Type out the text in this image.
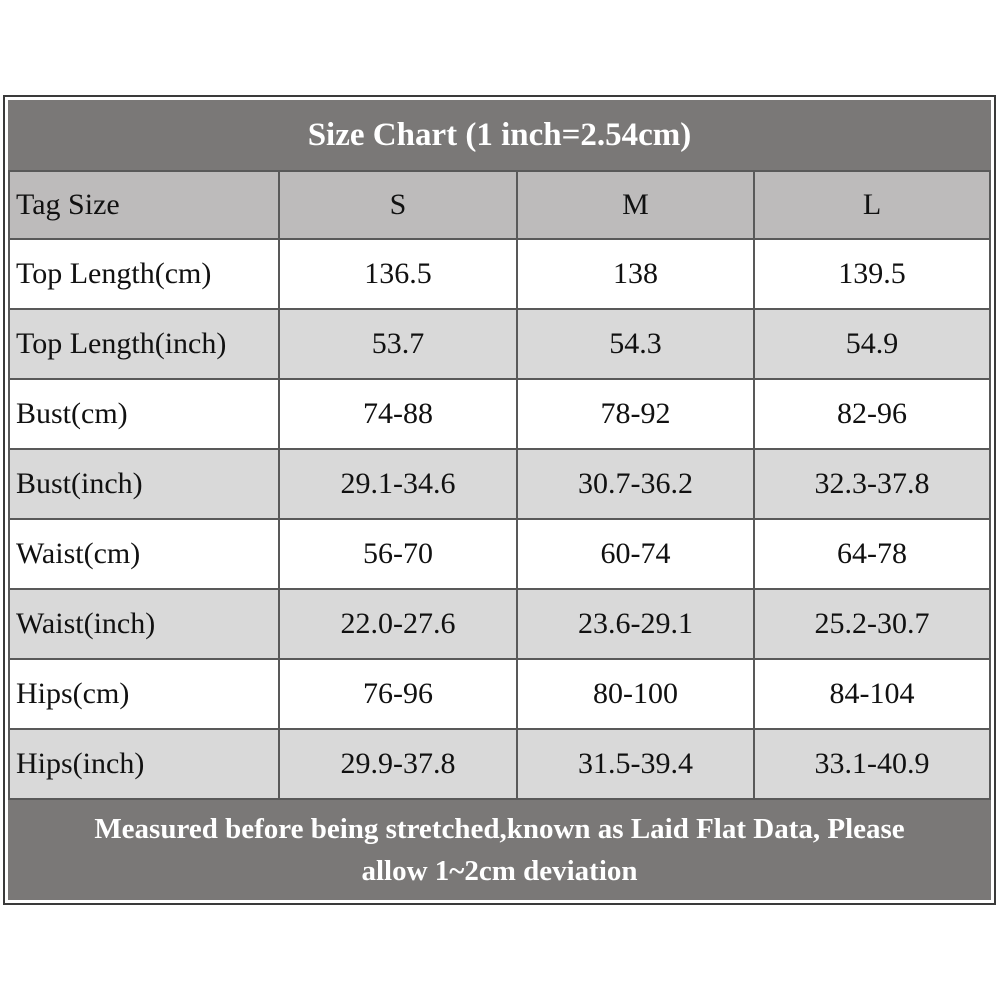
Size Chart (1 inch=2.54cm)
Tag Size	S	M	L
Top Length(cm)	136.5	138	139.5
Top Length(inch)	53.7	54.3	54.9
Bust(cm)	74-88	78-92	82-96
Bust(inch)	29.1-34.6	30.7-36.2	32.3-37.8
Waist(cm)	56-70	60-74	64-78
Waist(inch)	22.0-27.6	23.6-29.1	25.2-30.7
Hips(cm)	76-96	80-100	84-104
Hips(inch)	29.9-37.8	31.5-39.4	33.1-40.9
Measured before being stretched,known as Laid Flat Data, Please
allow 1~2cm deviation
